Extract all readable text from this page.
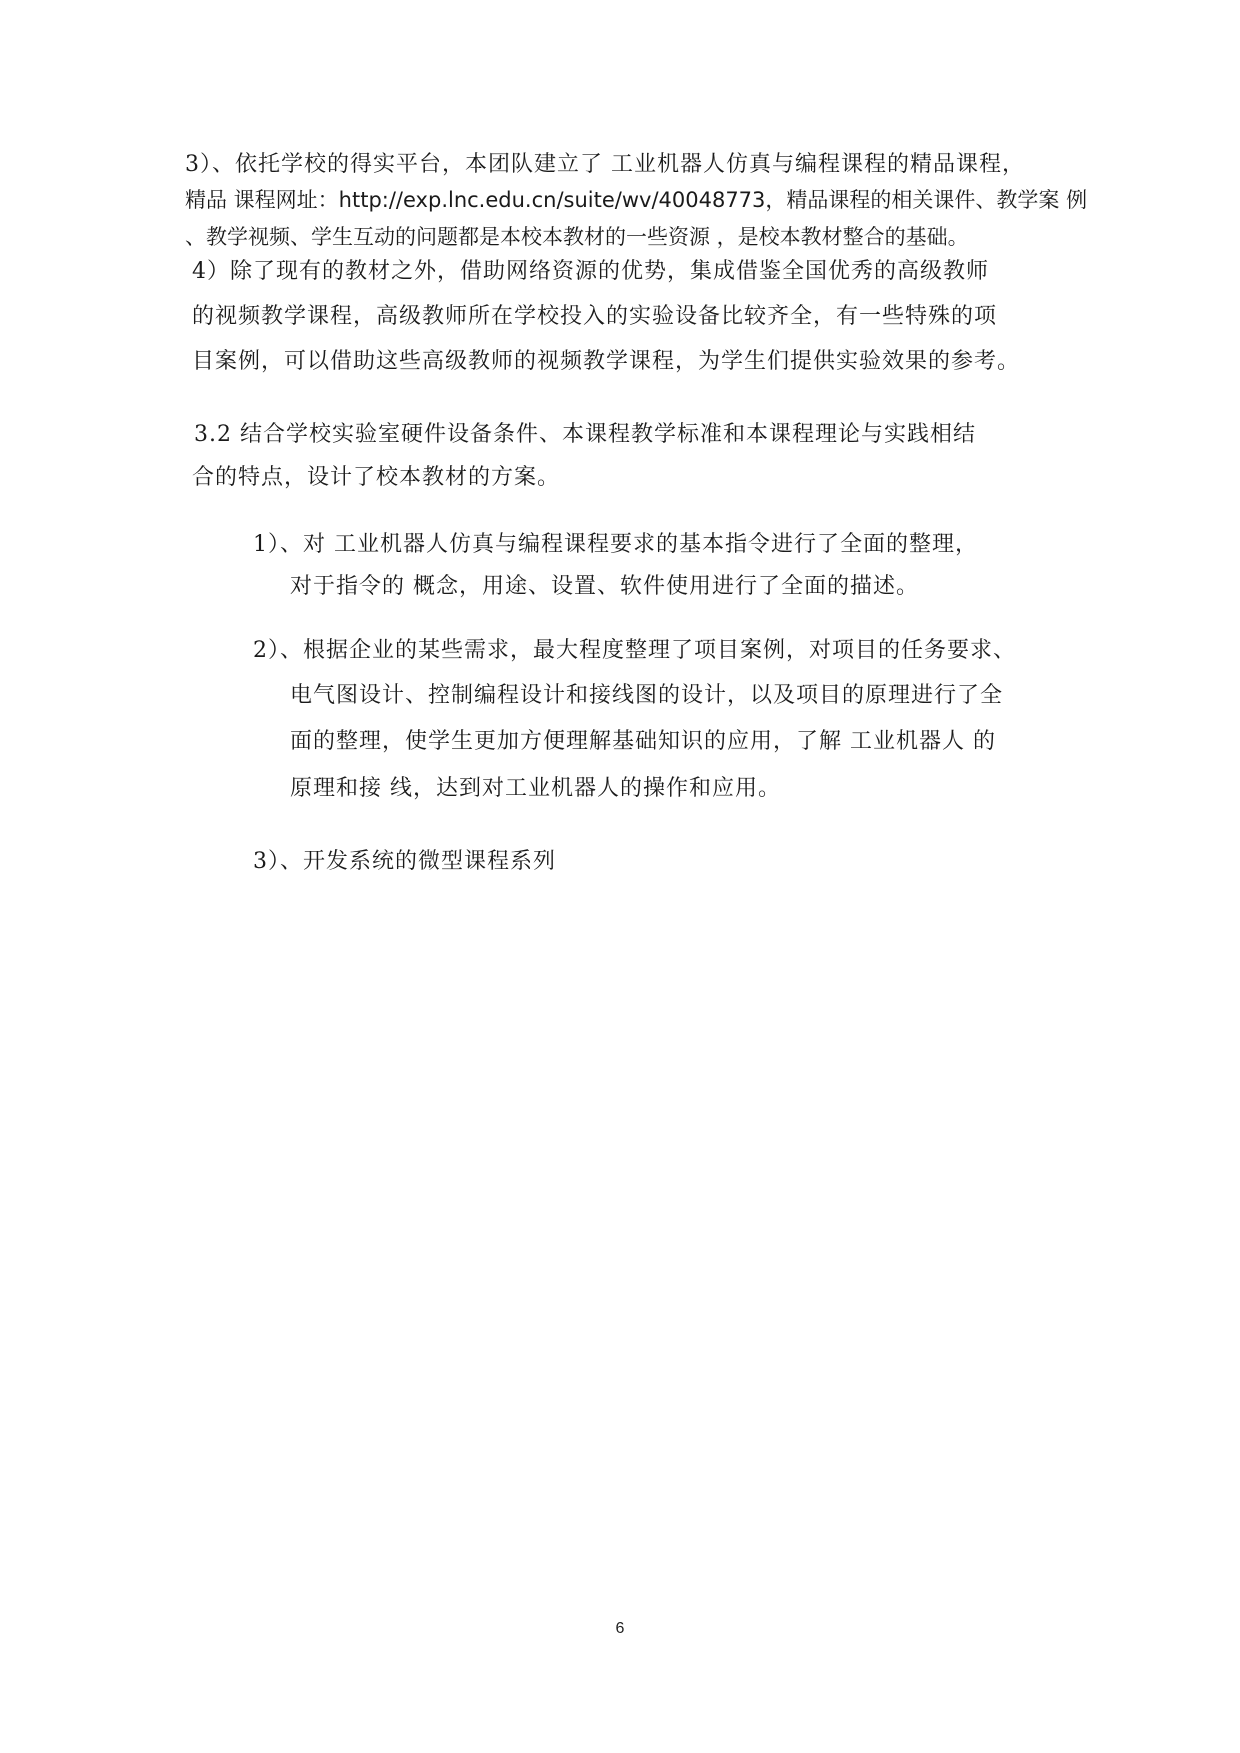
3）、依托学校的得实平台，本团队建立了 工业机器人仿真与编程课程的精品课程，
精品 课程网址：http://exp.lnc.edu.cn/suite/wv/40048773，精品课程的相关课件、教学案 例
、教学视频、学生互动的问题都是本校本教材的一些资源 ，是校本教材整合的基础。
4）除了现有的教材之外，借助网络资源的优势，集成借鉴全国优秀的高级教师
的视频教学课程，高级教师所在学校投入的实验设备比较齐全，有一些特殊的项
目案例，可以借助这些高级教师的视频教学课程，为学生们提供实验效果的参考。
3.2 结合学校实验室硬件设备条件、本课程教学标准和本课程理论与实践相结
合的特点，设计了校本教材的方案。
1）、对 工业机器人仿真与编程课程要求的基本指令进行了全面的整理，
对于指令的 概念，用途、设置、软件使用进行了全面的描述。
2）、根据企业的某些需求，最大程度整理了项目案例，对项目的任务要求、
电气图设计、控制编程设计和接线图的设计，以及项目的原理进行了全
面的整理，使学生更加方便理解基础知识的应用，了解 工业机器人 的
原理和接 线，达到对工业机器人的操作和应用。
3）、开发系统的微型课程系列
6
